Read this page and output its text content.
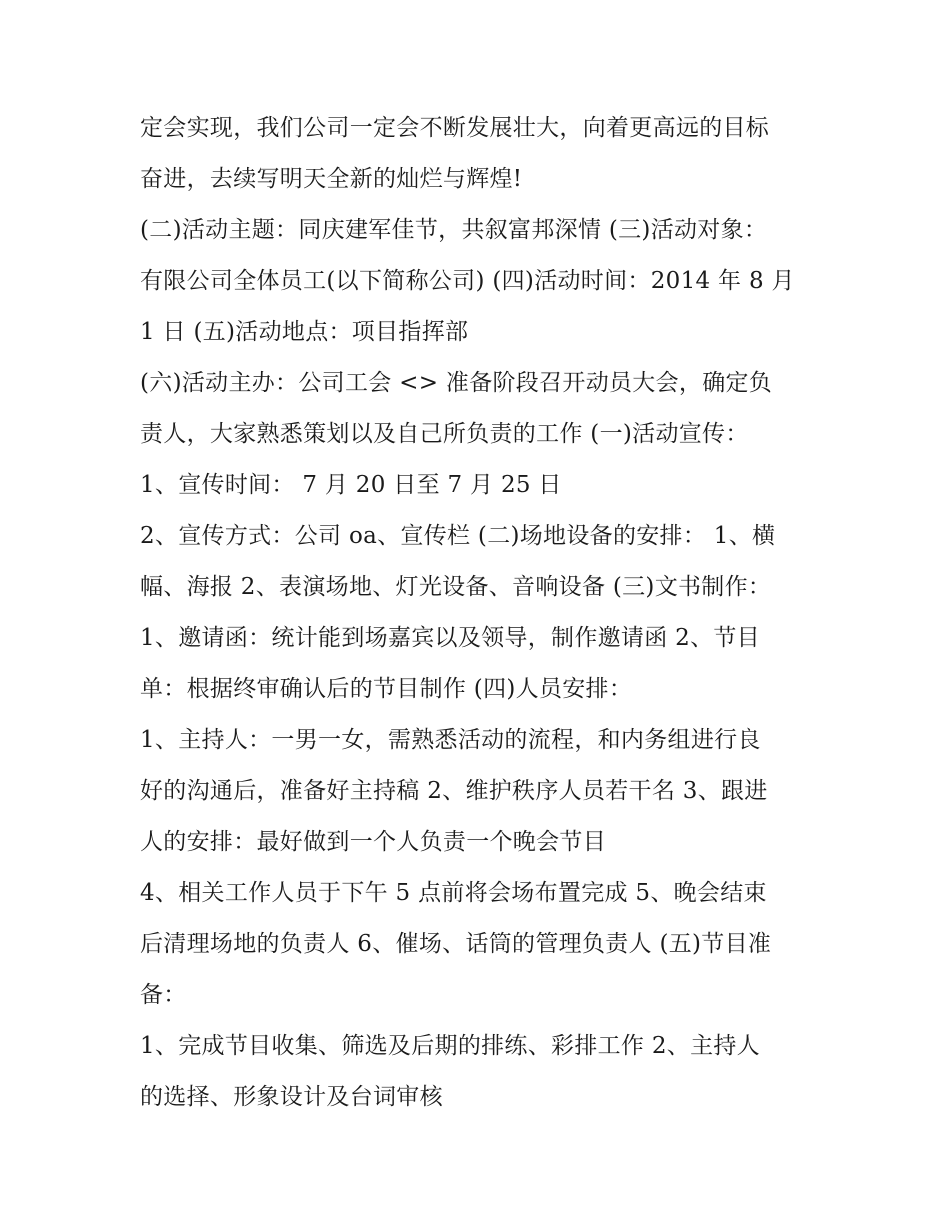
定会实现，我们公司一定会不断发展壮大，向着更高远的目标
奋进，去续写明天全新的灿烂与辉煌!
(二)活动主题：同庆建军佳节，共叙富邦深情 (三)活动对象：
有限公司全体员工(以下简称公司) (四)活动时间：2014 年 8 月
1 日 (五)活动地点：项目指挥部
(六)活动主办：公司工会 <> 准备阶段召开动员大会，确定负
责人，大家熟悉策划以及自己所负责的工作 (一)活动宣传：
1、宣传时间： 7 月 20 日至 7 月 25 日
2、宣传方式：公司 oa、宣传栏 (二)场地设备的安排： 1、横
幅、海报 2、表演场地、灯光设备、音响设备 (三)文书制作：
1、邀请函：统计能到场嘉宾以及领导，制作邀请函 2、节目
单：根据终审确认后的节目制作 (四)人员安排：
1、主持人：一男一女，需熟悉活动的流程，和内务组进行良
好的沟通后，准备好主持稿 2、维护秩序人员若干名 3、跟进
人的安排：最好做到一个人负责一个晚会节目
4、相关工作人员于下午 5 点前将会场布置完成 5、晚会结束
后清理场地的负责人 6、催场、话筒的管理负责人 (五)节目准
备：
1、完成节目收集、筛选及后期的排练、彩排工作 2、主持人
的选择、形象设计及台词审核
